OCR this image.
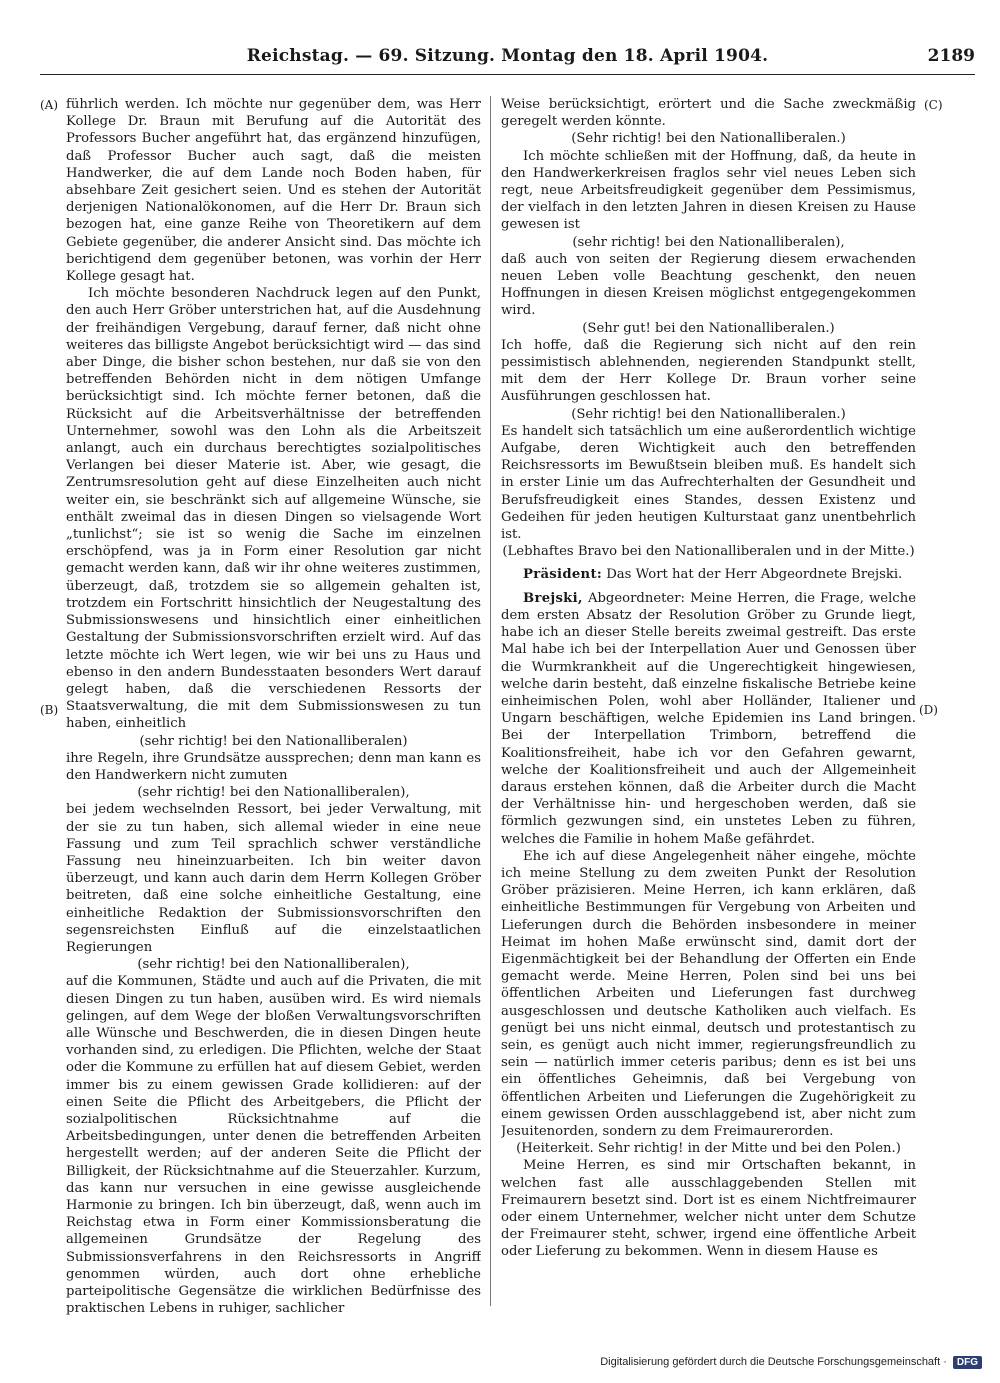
Reichstag. — 69. Sitzung. Montag den 18. April 1904.	2189
(A)
(B)
(C)
(D)

führlich werden. Ich möchte nur gegenüber dem, was Herr Kollege Dr. Braun mit Berufung auf die Autorität des Professors Bucher angeführt hat, das ergänzend hinzufügen, daß Professor Bucher auch sagt, daß die meisten Handwerker, die auf dem Lande noch Boden haben, für absehbare Zeit gesichert seien. Und es stehen der Autorität derjenigen Nationalökonomen, auf die Herr Dr. Braun sich bezogen hat, eine ganze Reihe von Theoretikern auf dem Gebiete gegenüber, die anderer Ansicht sind. Das möchte ich berichtigend dem gegenüber betonen, was vorhin der Herr Kollege gesagt hat.

Ich möchte besonderen Nachdruck legen auf den Punkt, den auch Herr Gröber unterstrichen hat, auf die Ausdehnung der freihändigen Vergebung, darauf ferner, daß nicht ohne weiteres das billigste Angebot berücksichtigt wird — das sind aber Dinge, die bisher schon bestehen, nur daß sie von den betreffenden Behörden nicht in dem nötigen Umfange berücksichtigt sind. Ich möchte ferner betonen, daß die Rücksicht auf die Arbeitsverhältnisse der betreffenden Unternehmer, sowohl was den Lohn als die Arbeitszeit anlangt, auch ein durchaus berechtigtes sozialpolitisches Verlangen bei dieser Materie ist. Aber, wie gesagt, die Zentrumsresolution geht auf diese Einzelheiten auch nicht weiter ein, sie beschränkt sich auf allgemeine Wünsche, sie enthält zweimal das in diesen Dingen so vielsagende Wort „tunlichst“; sie ist so wenig die Sache im einzelnen erschöpfend, was ja in Form einer Resolution gar nicht gemacht werden kann, daß wir ihr ohne weiteres zustimmen, überzeugt, daß, trotzdem sie so allgemein gehalten ist, trotzdem ein Fortschritt hinsichtlich der Neugestaltung des Submissionswesens und hinsichtlich einer einheitlichen Gestaltung der Submissionsvorschriften erzielt wird. Auf das letzte möchte ich Wert legen, wie wir bei uns zu Haus und ebenso in den andern Bundesstaaten besonders Wert darauf gelegt haben, daß die verschiedenen Ressorts der Staatsverwaltung, die mit dem Submissionswesen zu tun haben, einheitlich

(sehr richtig! bei den Nationalliberalen)

ihre Regeln, ihre Grundsätze aussprechen; denn man kann es den Handwerkern nicht zumuten

(sehr richtig! bei den Nationalliberalen),

bei jedem wechselnden Ressort, bei jeder Verwaltung, mit der sie zu tun haben, sich allemal wieder in eine neue Fassung und zum Teil sprachlich schwer verständliche Fassung neu hineinzuarbeiten. Ich bin weiter davon überzeugt, und kann auch darin dem Herrn Kollegen Gröber beitreten, daß eine solche einheitliche Gestaltung, eine einheitliche Redaktion der Submissionsvorschriften den segensreichsten Einfluß auf die einzelstaatlichen Regierungen

(sehr richtig! bei den Nationalliberalen),

auf die Kommunen, Städte und auch auf die Privaten, die mit diesen Dingen zu tun haben, ausüben wird. Es wird niemals gelingen, auf dem Wege der bloßen Verwaltungsvorschriften alle Wünsche und Beschwerden, die in diesen Dingen heute vorhanden sind, zu erledigen. Die Pflichten, welche der Staat oder die Kommune zu erfüllen hat auf diesem Gebiet, werden immer bis zu einem gewissen Grade kollidieren: auf der einen Seite die Pflicht des Arbeitgebers, die Pflicht der sozialpolitischen Rücksichtnahme auf die Arbeitsbedingungen, unter denen die betreffenden Arbeiten hergestellt werden; auf der anderen Seite die Pflicht der Billigkeit, der Rücksichtnahme auf die Steuerzahler. Kurzum, das kann nur versuchen in eine gewisse ausgleichende Harmonie zu bringen. Ich bin überzeugt, daß, wenn auch im Reichstag etwa in Form einer Kommissionsberatung die allgemeinen Grundsätze der Regelung des Submissionsverfahrens in den Reichsressorts in Angriff genommen würden, auch dort ohne erhebliche parteipolitische Gegensätze die wirklichen Bedürfnisse des praktischen Lebens in ruhiger, sachlicher

Weise berücksichtigt, erörtert und die Sache zweckmäßig geregelt werden könnte.

(Sehr richtig! bei den Nationalliberalen.)

Ich möchte schließen mit der Hoffnung, daß, da heute in den Handwerkerkreisen fraglos sehr viel neues Leben sich regt, neue Arbeitsfreudigkeit gegenüber dem Pessimismus, der vielfach in den letzten Jahren in diesen Kreisen zu Hause gewesen ist

(sehr richtig! bei den Nationalliberalen),

daß auch von seiten der Regierung diesem erwachenden neuen Leben volle Beachtung geschenkt, den neuen Hoffnungen in diesen Kreisen möglichst entgegengekommen wird.

(Sehr gut! bei den Nationalliberalen.)

Ich hoffe, daß die Regierung sich nicht auf den rein pessimistisch ablehnenden, negierenden Standpunkt stellt, mit dem der Herr Kollege Dr. Braun vorher seine Ausführungen geschlossen hat.

(Sehr richtig! bei den Nationalliberalen.)

Es handelt sich tatsächlich um eine außerordentlich wichtige Aufgabe, deren Wichtigkeit auch den betreffenden Reichsressorts im Bewußtsein bleiben muß. Es handelt sich in erster Linie um das Aufrechterhalten der Gesundheit und Berufsfreudigkeit eines Standes, dessen Existenz und Gedeihen für jeden heutigen Kulturstaat ganz unentbehrlich ist.

(Lebhaftes Bravo bei den Nationalliberalen und in der Mitte.)

Präsident: Das Wort hat der Herr Abgeordnete Brejski.

Brejski, Abgeordneter: Meine Herren, die Frage, welche dem ersten Absatz der Resolution Gröber zu Grunde liegt, habe ich an dieser Stelle bereits zweimal gestreift. Das erste Mal habe ich bei der Interpellation Auer und Genossen über die Wurmkrankheit auf die Ungerechtigkeit hingewiesen, welche darin besteht, daß einzelne fiskalische Betriebe keine einheimischen Polen, wohl aber Holländer, Italiener und Ungarn beschäftigen, welche Epidemien ins Land bringen. Bei der Interpellation Trimborn, betreffend die Koalitionsfreiheit, habe ich vor den Gefahren gewarnt, welche der Koalitionsfreiheit und auch der Allgemeinheit daraus erstehen können, daß die Arbeiter durch die Macht der Verhältnisse hin- und hergeschoben werden, daß sie förmlich gezwungen sind, ein unstetes Leben zu führen, welches die Familie in hohem Maße gefährdet.

Ehe ich auf diese Angelegenheit näher eingehe, möchte ich meine Stellung zu dem zweiten Punkt der Resolution Gröber präzisieren. Meine Herren, ich kann erklären, daß einheitliche Bestimmungen für Vergebung von Arbeiten und Lieferungen durch die Behörden insbesondere in meiner Heimat im hohen Maße erwünscht sind, damit dort der Eigenmächtigkeit bei der Behandlung der Offerten ein Ende gemacht werde. Meine Herren, Polen sind bei uns bei öffentlichen Arbeiten und Lieferungen fast durchweg ausgeschlossen und deutsche Katholiken auch vielfach. Es genügt bei uns nicht einmal, deutsch und protestantisch zu sein, es genügt auch nicht immer, regierungsfreundlich zu sein — natürlich immer ceteris paribus; denn es ist bei uns ein öffentliches Geheimnis, daß bei Vergebung von öffentlichen Arbeiten und Lieferungen die Zugehörigkeit zu einem gewissen Orden ausschlaggebend ist, aber nicht zum Jesuitenorden, sondern zu dem Freimaurerorden.

(Heiterkeit. Sehr richtig! in der Mitte und bei den Polen.)

Meine Herren, es sind mir Ortschaften bekannt, in welchen fast alle ausschlaggebenden Stellen mit Freimaurern besetzt sind. Dort ist es einem Nichtfreimaurer oder einem Unternehmer, welcher nicht unter dem Schutze der Freimaurer steht, schwer, irgend eine öffentliche Arbeit oder Lieferung zu bekommen. Wenn in diesem Hause es

Digitalisierung gefördert durch die Deutsche Forschungsgemeinschaft ·	DFG
